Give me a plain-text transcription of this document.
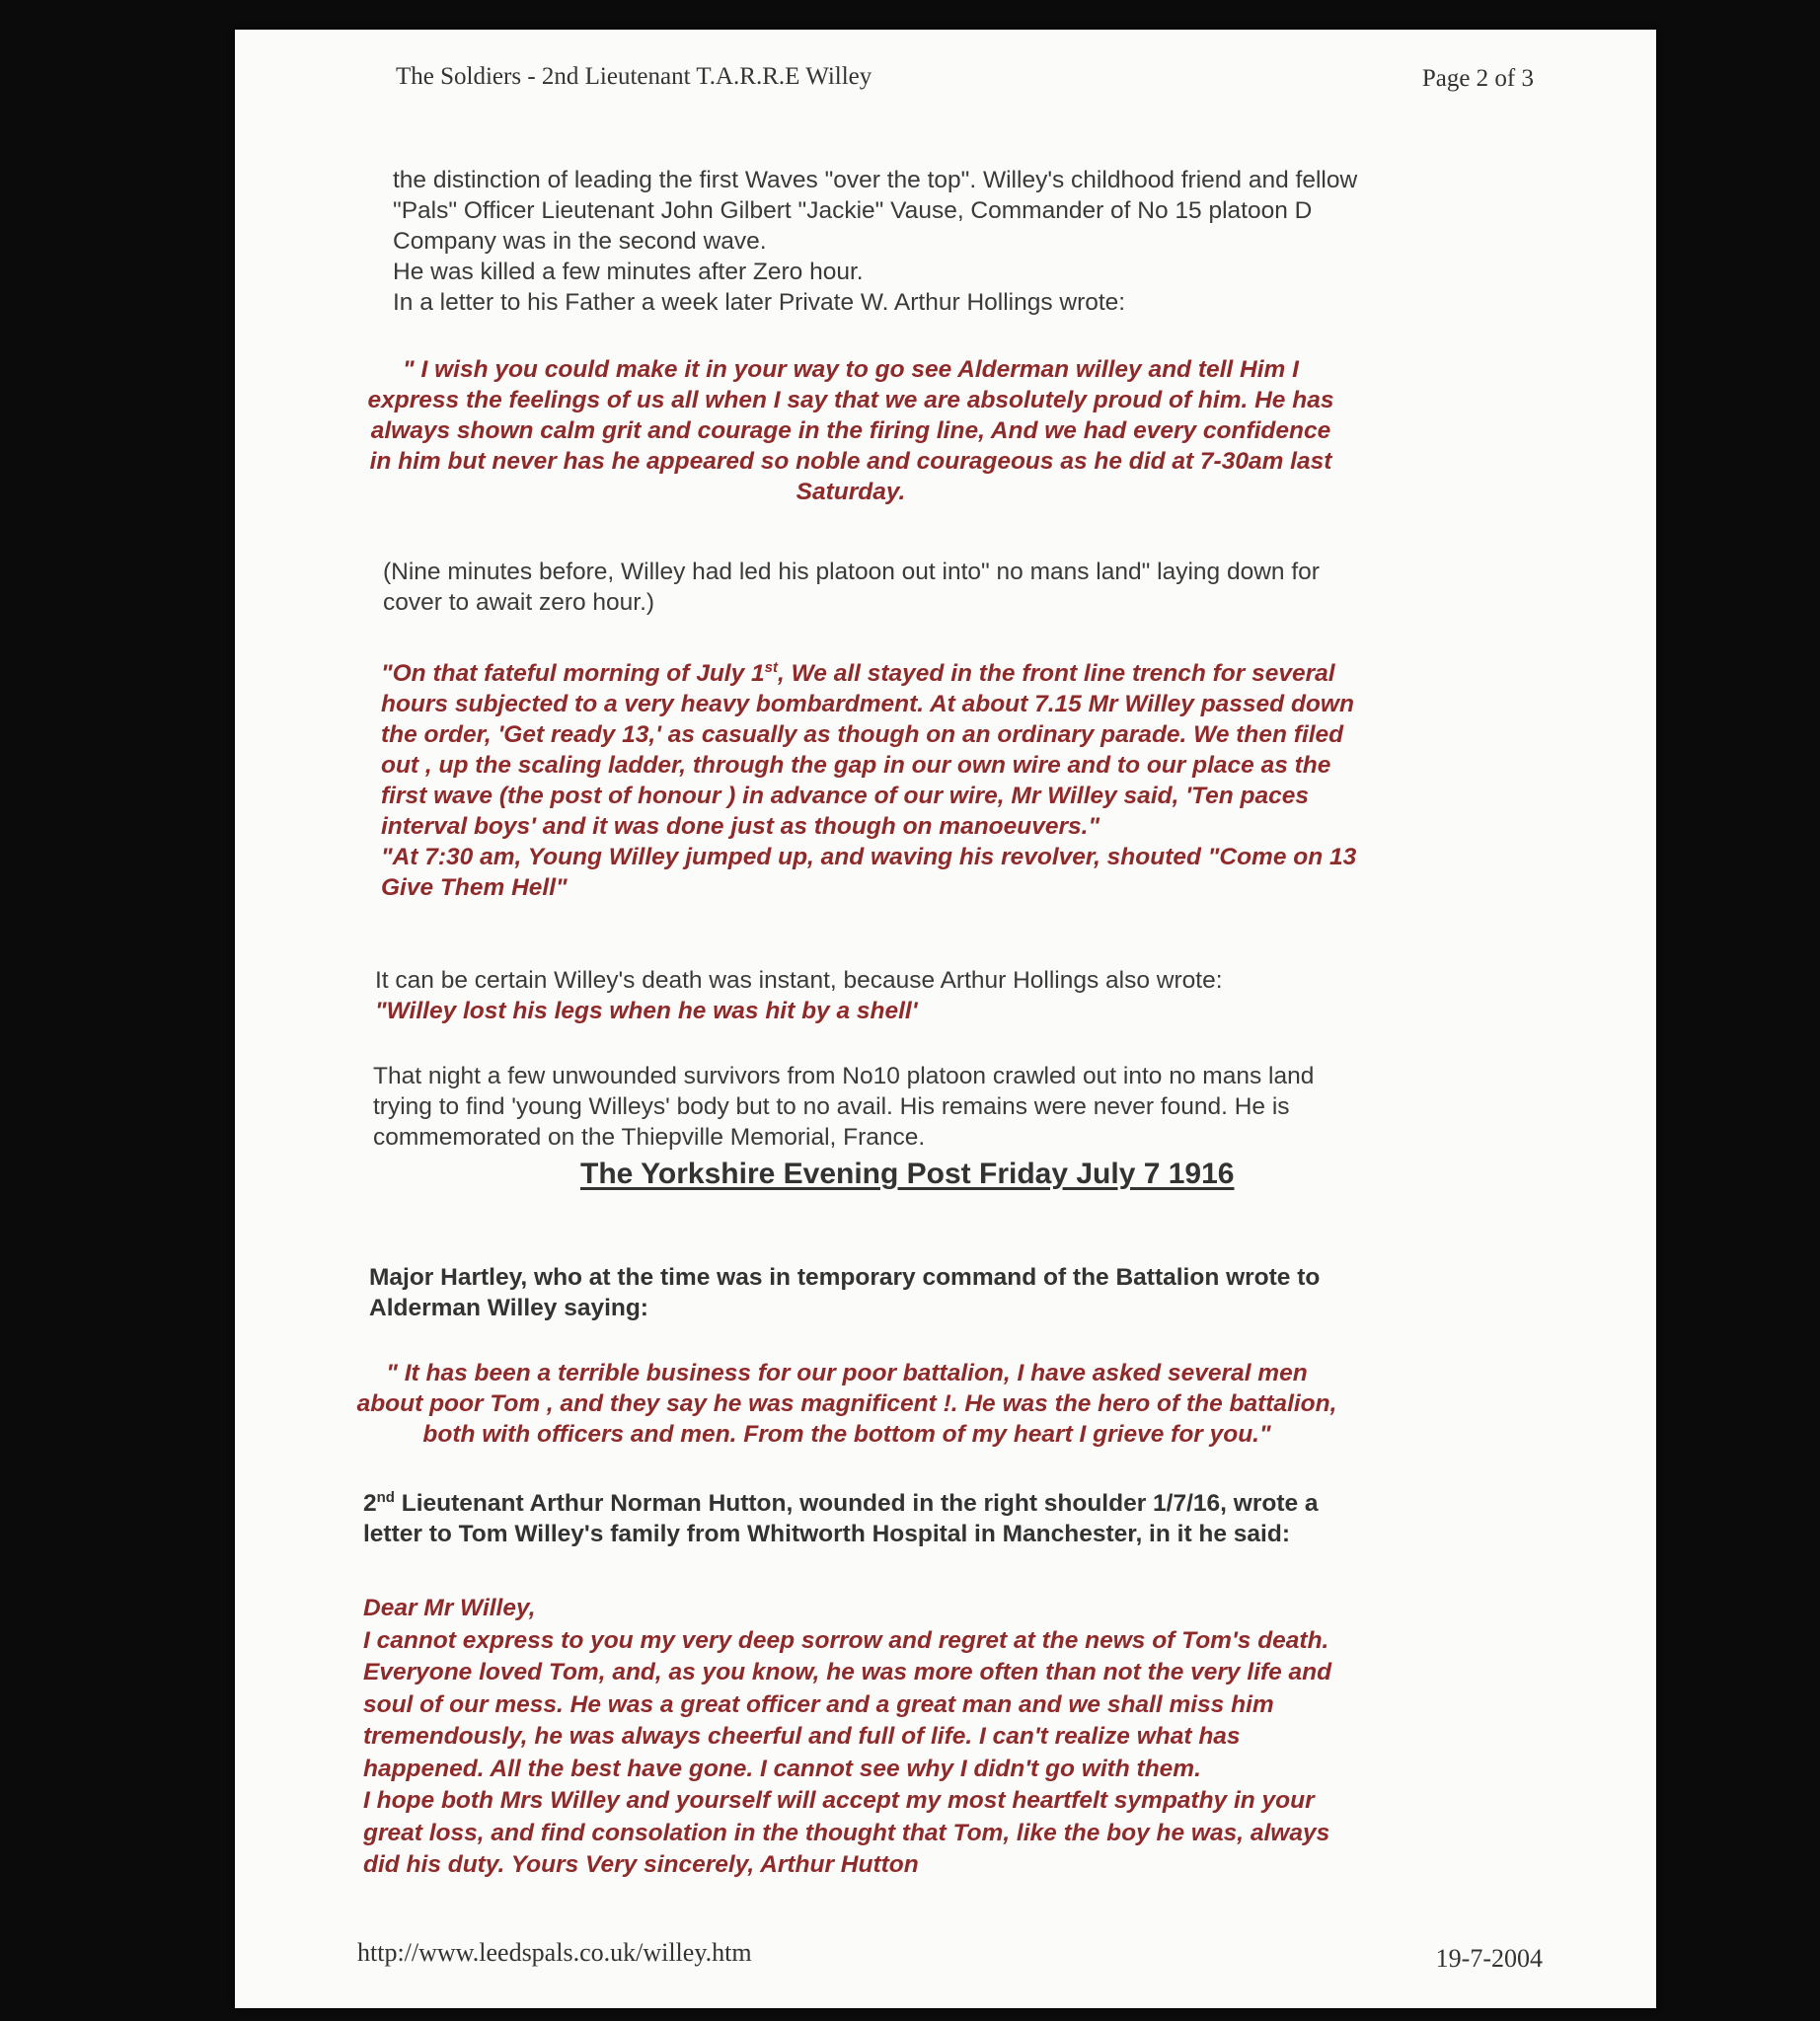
The Soldiers - 2nd Lieutenant T.A.R.R.E Willey	Page 2 of 3
the distinction of leading the first Waves "over the top". Willey's childhood friend and fellow
"Pals" Officer Lieutenant John Gilbert "Jackie" Vause, Commander of No 15 platoon D
Company was in the second wave.
He was killed a few minutes after Zero hour.
In a letter to his Father a week later Private W. Arthur Hollings wrote:
" I wish you could make it in your way to go see Alderman willey and tell Him I
express the feelings of us all when I say that we are absolutely proud of him. He has
always shown calm grit and courage in the firing line, And we had every confidence
in him but never has he appeared so noble and courageous as he did at 7-30am last
Saturday.
(Nine minutes before, Willey had led his platoon out into" no mans land" laying down for
cover to await zero hour.)
"On that fateful morning of July 1st, We all stayed in the front line trench for several
hours subjected to a very heavy bombardment. At about 7.15 Mr Willey passed down
the order, 'Get ready 13,' as casually as though on an ordinary parade. We then filed
out , up the scaling ladder, through the gap in our own wire and to our place as the
first wave (the post of honour ) in advance of our wire, Mr Willey said, 'Ten paces
interval boys' and it was done just as though on manoeuvers."
"At 7:30 am, Young Willey jumped up, and waving his revolver, shouted "Come on 13
Give Them Hell"
It can be certain Willey's death was instant, because Arthur Hollings also wrote:
"Willey lost his legs when he was hit by a shell'
That night a few unwounded survivors from No10 platoon crawled out into no mans land
trying to find 'young Willeys' body but to no avail. His remains were never found. He is
commemorated on the Thiepville Memorial, France.
The Yorkshire Evening Post Friday July 7 1916
Major Hartley, who at the time was in temporary command of the Battalion wrote to
Alderman Willey saying:
" It has been a terrible business for our poor battalion, I have asked several men
about poor Tom , and they say he was magnificent !. He was the hero of the battalion,
both with officers and men. From the bottom of my heart I grieve for you."
2nd Lieutenant Arthur Norman Hutton, wounded in the right shoulder 1/7/16, wrote a
letter to Tom Willey's family from Whitworth Hospital in Manchester, in it he said:
Dear Mr Willey,
I cannot express to you my very deep sorrow and regret at the news of Tom's death.
Everyone loved Tom, and, as you know, he was more often than not the very life and
soul of our mess. He was a great officer and a great man and we shall miss him
tremendously, he was always cheerful and full of life. I can't realize what has
happened. All the best have gone. I cannot see why I didn't go with them.
I hope both Mrs Willey and yourself will accept my most heartfelt sympathy in your
great loss, and find consolation in the thought that Tom, like the boy he was, always
did his duty. Yours Very sincerely, Arthur Hutton
http://www.leedspals.co.uk/willey.htm	19-7-2004
